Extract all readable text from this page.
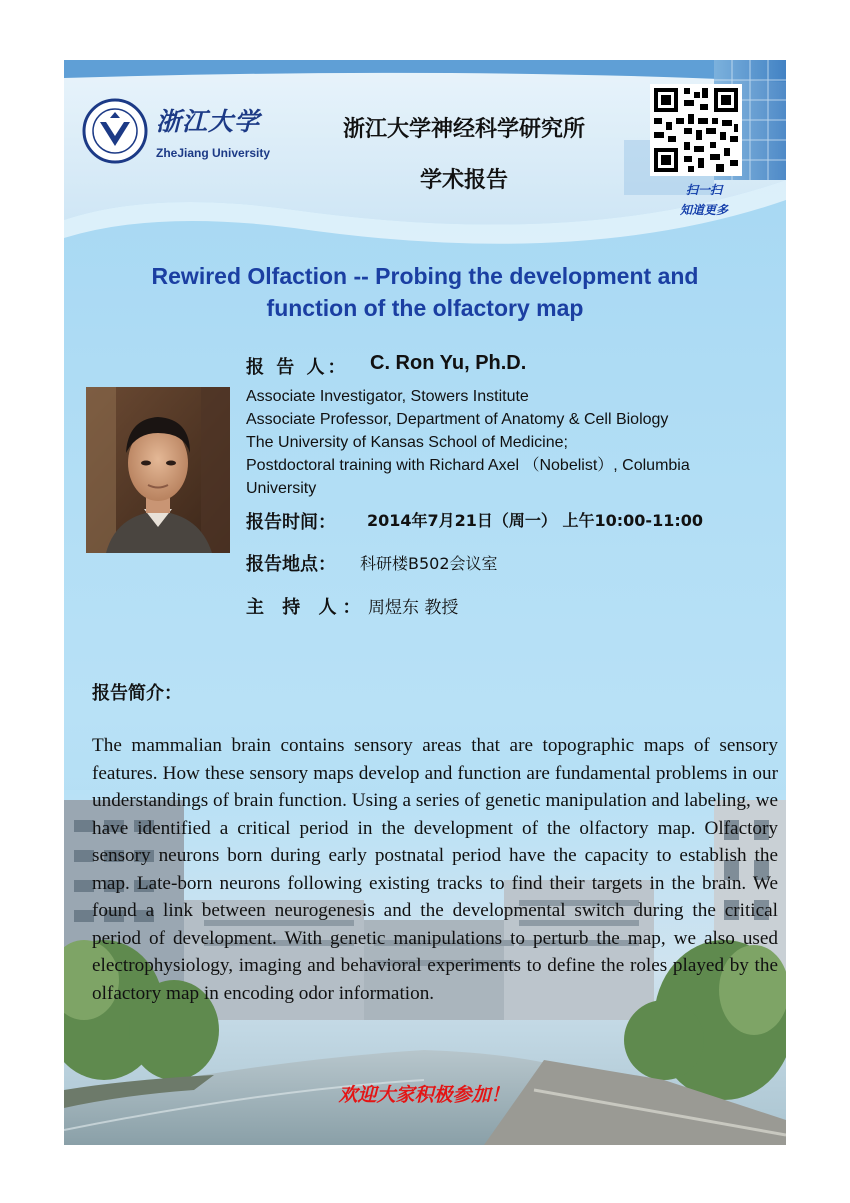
浙江大学
ZheJiang University
浙江大学神经科学研究所
学术报告	扫一扫
知道更多
Rewired Olfaction -- Probing the development and
function of the olfactory map
报 告 人： C. Ron Yu, Ph.D.
Associate Investigator, Stowers Institute
Associate Professor, Department of Anatomy & Cell Biology
The University of Kansas School of Medicine;
Postdoctoral training with Richard Axel （Nobelist）, Columbia
University
报告时间： 2014年7月21日（周一） 上午10:00-11:00
报告地点： 科研楼B502会议室
主 持 人： 周煜东 教授
报告简介：
The mammalian brain contains sensory areas that are topographic maps of sensory features. How these sensory maps develop and function are fundamental problems in our understandings of brain function. Using a series of genetic manipulation and labeling, we have identified a critical period in the development of the olfactory map. Olfactory sensory neurons born during early postnatal period have the capacity to establish the map. Late-born neurons following existing tracks to find their targets in the brain. We found a link between neurogenesis and the developmental switch during the critical period of development. With genetic manipulations to perturb the map, we also used electrophysiology, imaging and behavioral experiments to define the roles played by the olfactory map in encoding odor information.
欢迎大家积极参加！
